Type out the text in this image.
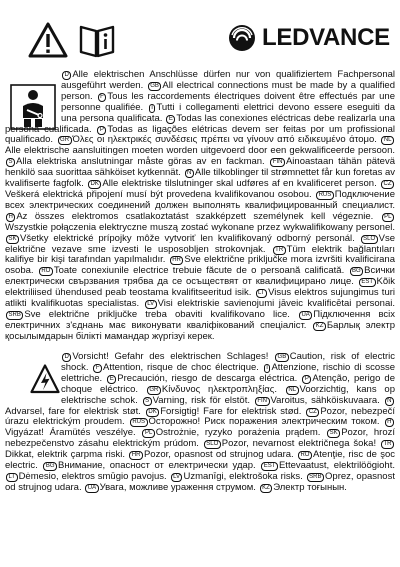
LEDVANCE
D Alle elektrischen Anschlüsse dürfen nur von qualifiziertem Fachpersonal ausgeführt werden. GB All electrical connections must be made by a qualified person. F Tous les raccordements électriques doivent être effectués par une personne qualifiée. I Tutti i collegamenti elettrici devono essere eseguiti da una persona qualificata. E Todas las conexiones eléctricas debe realizarla una persona cualificada. P Todas as ligações elétricas devem ser feitas por um profissional qualificado. GR Όλες οι ηλεκτρικές συνδέσεις πρέπει να γίνουν από ειδικευμένο άτομο. NLAlle elektrische aansluitingen moeten worden uitgevoerd door een gekwalificeerde persoon. S Alla elektriska anslutningar måste göras av en fackman. FIN Ainoastaan tähän pätevä henkilö saa suorittaa sähköiset kytkennät. N Alle tilkoblinger til strømnettet får kun foretas av kvalifiserte fagfolk. DK Alle elektriske tilslutninger skal udføres af en kvalificeret person. CZVeškerá elektrická připojení musí být provedena kvalifikovanou osobou. RUS Подключение всех электрических соединений должен выполнять квалифицированный специалист. H Az összes elektromos csatlakoztatást szakképzett személynek kell végeznie. PLWszystkie połączenia elektryczne muszą zostać wykonane przez wykwalifikowany personel. SK Všetky elektrické prípojky môže vytvoriť len kvalifikovaný odborný personál. SLO Vse električne vezave sme izvesti le usposobljen strokovnjak. TR Tüm elektrik bağlantıları kalifiye bir kişi tarafından yapılmalıdır. HR Sve električne priključke mora izvršiti kvalificirana osoba. RO Toate conexiunile electrice trebuie făcute de o persoană calificată. BG Всички електрически свързвания трябва да се осъществят от квалифицирано лице. EST Kõik elektriliised ühendused peab teostama kvalifitseeritud isik. LT Visus elektros sujungimus turi atlikti kvalifikuotas specialistas. LV Visi elektriskie savienojumi jāveic kvalificētai personai. SRB Sve električne priključke treba obaviti kvalifikovano lice. UA Підключення всіх електричних з'єднань має виконувати кваліфікований спеціаліст. KZ Барлық электр қосылымдарын білікті мамандар жүргізуі керек.
D Vorsicht! Gefahr des elektrischen Schlages! GB Caution, risk of electric shock. F Attention, risque de choc électrique. I Attenzione, rischio di scosse elettriche. E Precaución, riesgo de descarga eléctrica. P Atenção, perigo de choque eléctrico. GR Κίνδυνος ηλεκτροπληξίας. NL Voorzichtig, kans op elektrische schok. S Varning, risk för elstöt. FIN Varoitus, sähköiskuvaara. NAdvarsel, fare for elektrisk støt. DK Forsigtig! Fare for elektrisk stød. CZ Pozor, nebezpečí úrazu elektrickým proudem. RUS Осторожно! Риск поражения электрическим током. HVigyázat! Áramütés veszélye. PL Ostrożnie, ryzyko porażenia prądem. SK Pozor, hrozí nebezpečenstvo zásahu elektrickým prúdom. SLO Pozor, nevarnost električnega šoka! TRDikkat, elektrik çarpma riski. HR Pozor, opasnost od strujnog udara. RO Atenţie, risc de şoc electric. BG Внимание, опасност от електрически удар. EST Ettevaatust, elektrilöögioht. LT Dėmesio, elektros smūgio pavojus. LV Uzmanīgi, elektrošoka risks. SRB Oprez, opasnost od strujnog udara. UA Увага, можливе ураження струмом. KZ Электр тоғынын.
